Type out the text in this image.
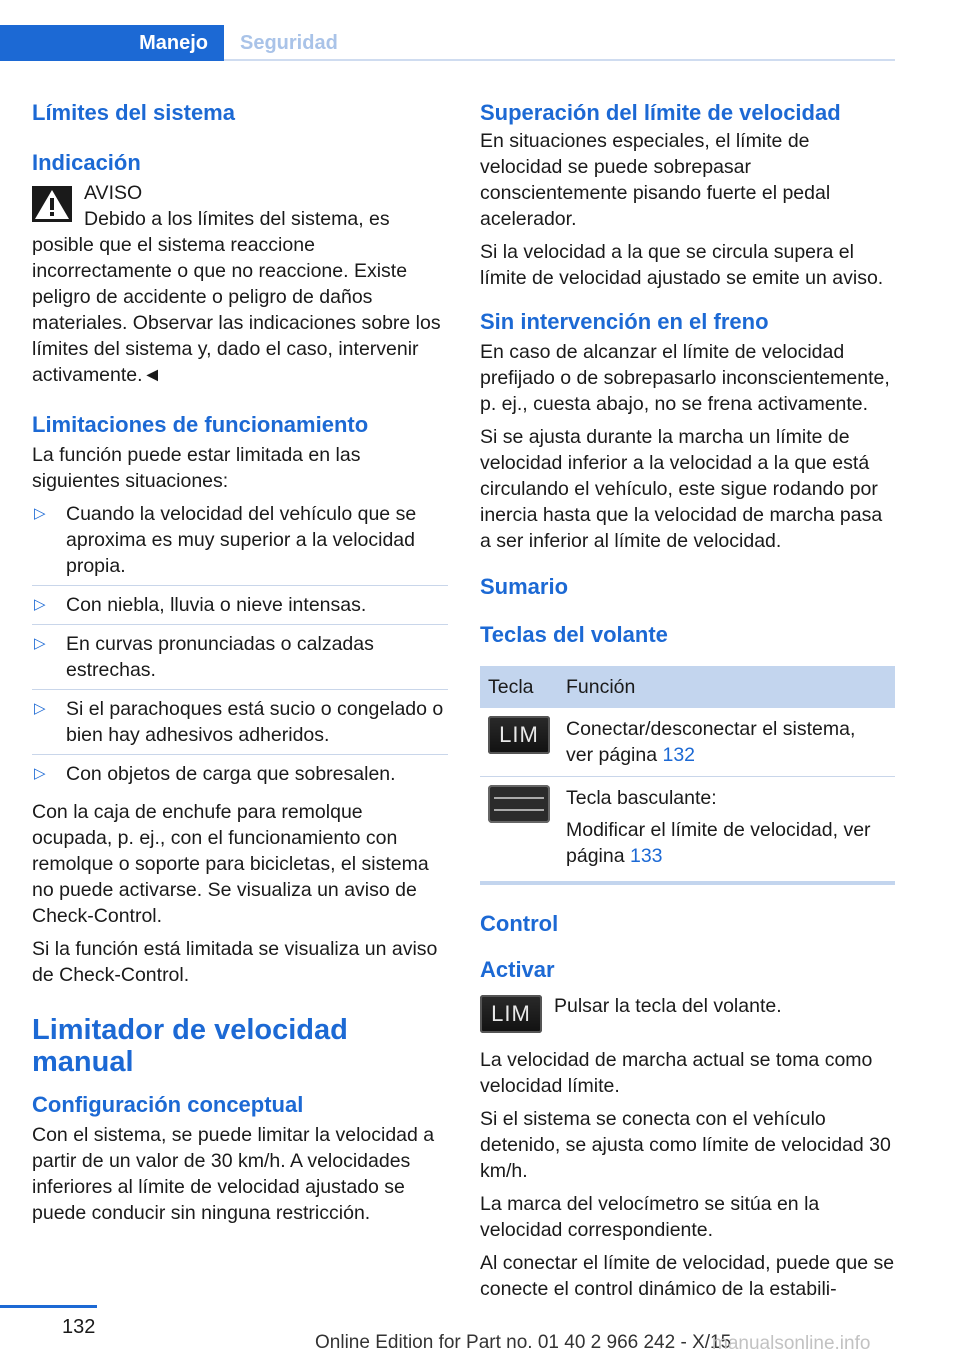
Manejo	Seguridad
Límites del sistema
Indicación
AVISO

Debido a los límites del sistema, es posible que el sistema reaccione incorrectamente o que no reaccione. Existe peligro de accidente o peligro de daños materiales. Observar las indicaciones sobre los límites del sistema y, dado el caso, intervenir activamente.◄

Limitaciones de funcionamiento

La función puede estar limitada en las siguientes situaciones:

▷ Cuando la velocidad del vehículo que se aproxima es muy superior a la velocidad propia.
▷ Con niebla, lluvia o nieve intensas.
▷ En curvas pronunciadas o calzadas estrechas.
▷ Si el parachoques está sucio o congelado o bien hay adhesivos adheridos.
▷ Con objetos de carga que sobresalen.

Con la caja de enchufe para remolque ocupada, p. ej., con el funcionamiento con remolque o soporte para bicicletas, el sistema no puede activarse. Se visualiza un aviso de Check-Control.

Si la función está limitada se visualiza un aviso de Check-Control.

Limitador de velocidad manual
Configuración conceptual

Con el sistema, se puede limitar la velocidad a partir de un valor de 30 km/h. A velocidades inferiores al límite de velocidad ajustado se puede conducir sin ninguna restricción.

Superación del límite de velocidad

En situaciones especiales, el límite de velocidad se puede sobrepasar conscientemente pisando fuerte el pedal acelerador.

Si la velocidad a la que se circula supera el límite de velocidad ajustado se emite un aviso.

Sin intervención en el freno

En caso de alcanzar el límite de velocidad prefijado o de sobrepasarlo inconscientemente, p. ej., cuesta abajo, no se frena activamente.

Si se ajusta durante la marcha un límite de velocidad inferior a la velocidad a la que está circulando el vehículo, este sigue rodando por inercia hasta que la velocidad de marcha pasa a ser inferior al límite de velocidad.

Sumario
Teclas del volante
Tecla	Función

LIM	Conectar/desconectar el sistema, ver página 132

	Tecla basculante:

Modificar el límite de velocidad, ver página 133

Control
Activar
LIM	Pulsar la tecla del volante.

La velocidad de marcha actual se toma como velocidad límite.

Si el sistema se conecta con el vehículo detenido, se ajusta como límite de velocidad 30 km/h.

La marca del velocímetro se sitúa en la velocidad correspondiente.

Al conectar el límite de velocidad, puede que se conecte el control dinámico de la estabili-

132
Online Edition for Part no. 01 40 2 966 242 - X/15
manualsonline.info
